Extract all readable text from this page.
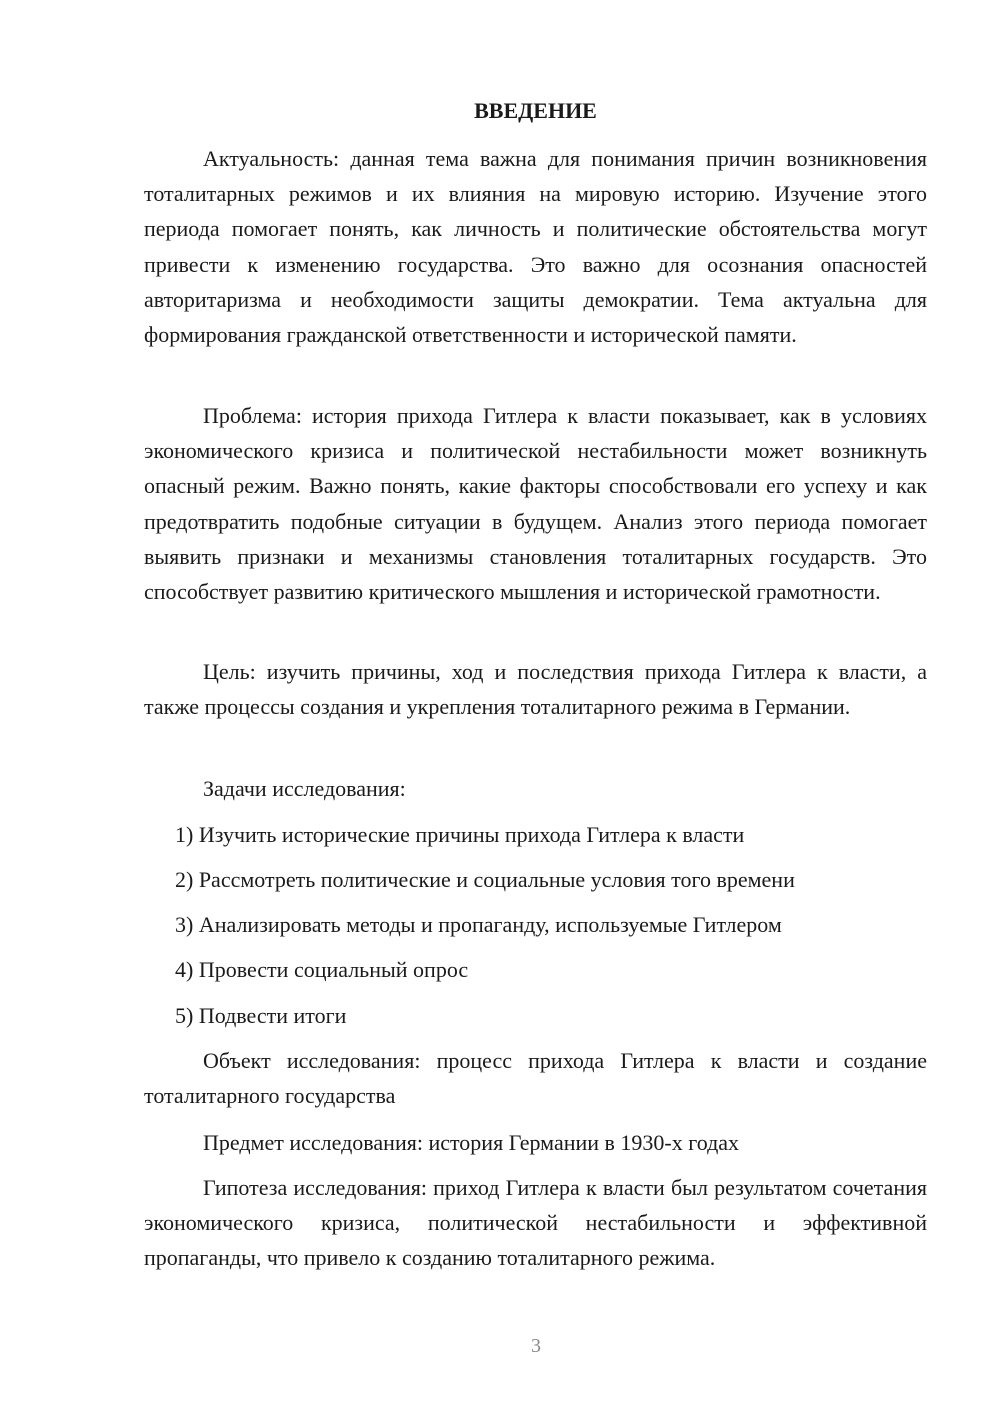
ВВЕДЕНИЕ

Актуальность: данная тема важна для понимания причин возникновения тоталитарных режимов и их влияния на мировую историю. Изучение этого периода помогает понять, как личность и политические обстоятельства могут привести к изменению государства. Это важно для осознания опасностей авторитаризма и необходимости защиты демократии. Тема актуальна для формирования гражданской ответственности и исторической памяти.

Проблема: история прихода Гитлера к власти показывает, как в условиях экономического кризиса и политической нестабильности может возникнуть опасный режим. Важно понять, какие факторы способствовали его успеху и как предотвратить подобные ситуации в будущем. Анализ этого периода помогает выявить признаки и механизмы становления тоталитарных государств. Это способствует развитию критического мышления и исторической грамотности.

Цель: изучить причины, ход и последствия прихода Гитлера к власти, а также процессы создания и укрепления тоталитарного режима в Германии.

Задачи исследования:

1) Изучить исторические причины прихода Гитлера к власти

2) Рассмотреть политические и социальные условия того времени

3) Анализировать методы и пропаганду, используемые Гитлером

4) Провести социальный опрос

5) Подвести итоги

Объект исследования: процесс прихода Гитлера к власти и создание тоталитарного государства

Предмет исследования: история Германии в 1930-х годах

Гипотеза исследования: приход Гитлера к власти был результатом сочетания экономического кризиса, политической нестабильности и эффективной пропаганды, что привело к созданию тоталитарного режима.

3
